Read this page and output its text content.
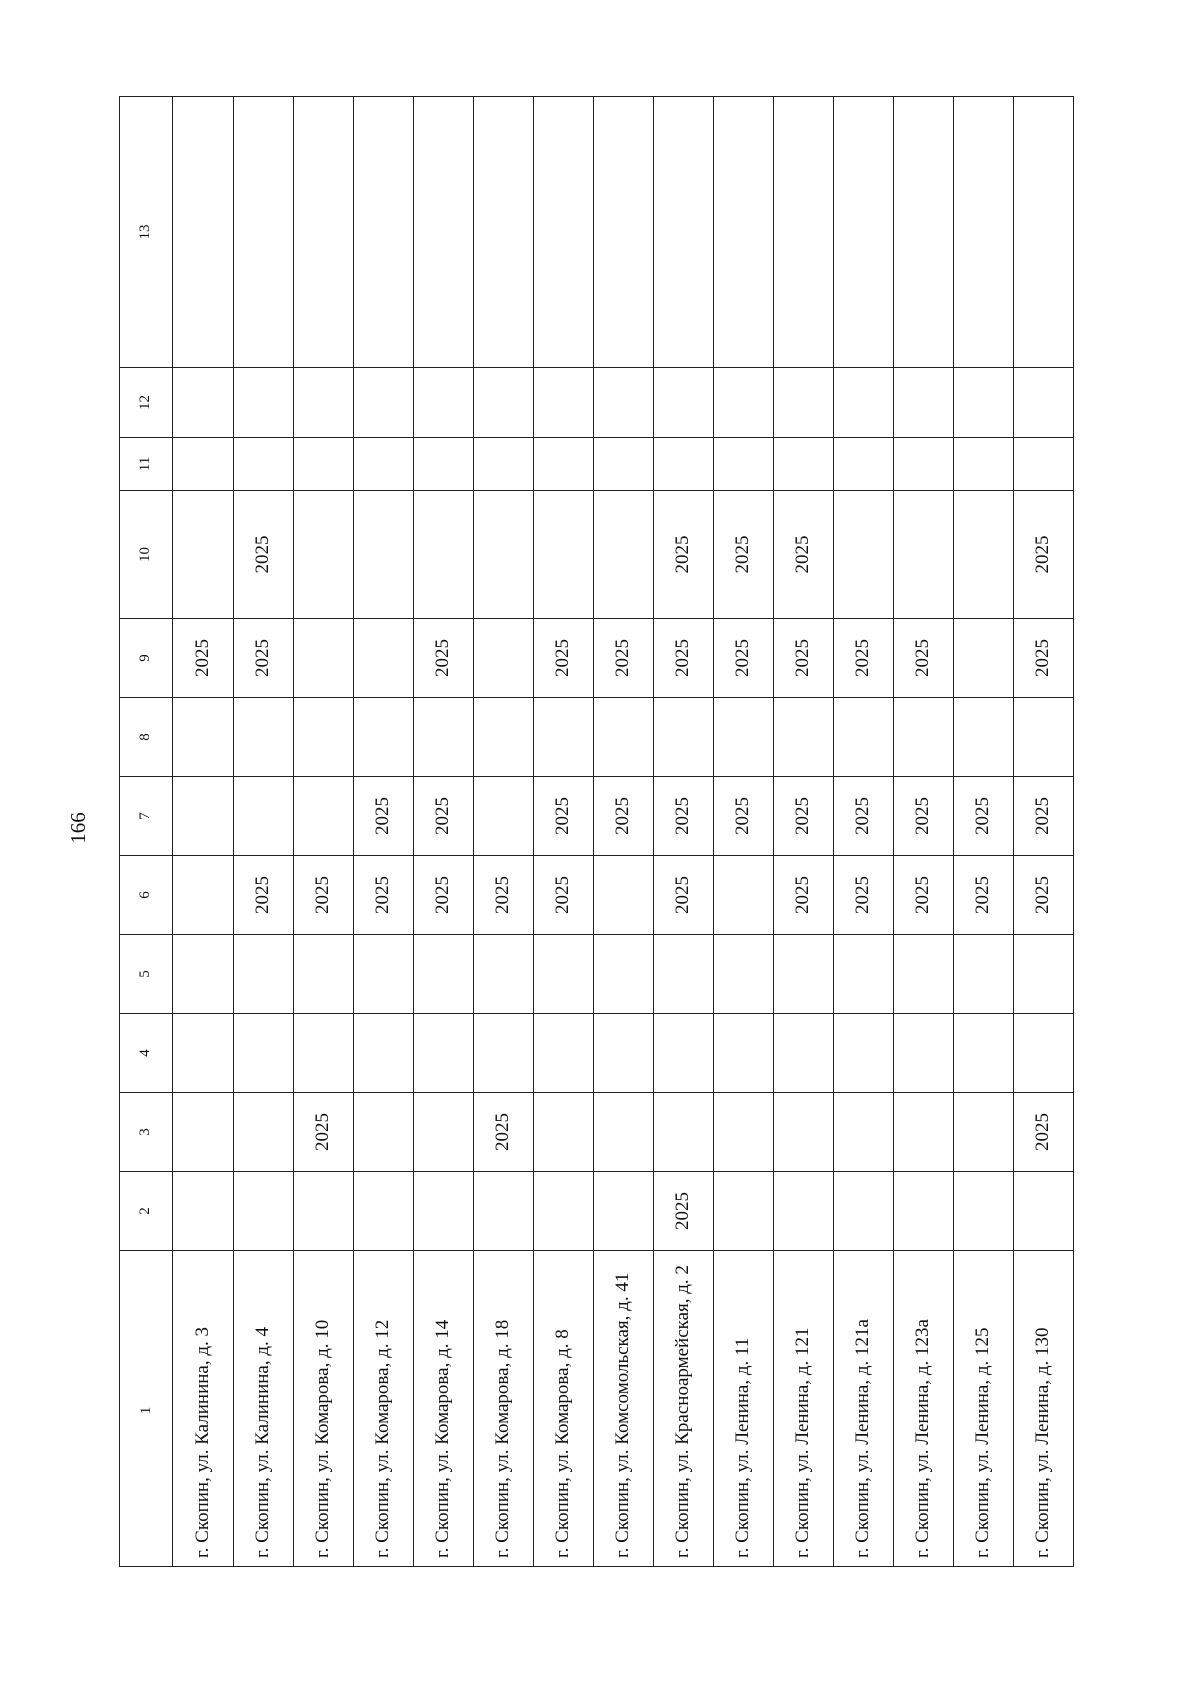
166
1	2	3	4	5	6	7	8	9	10	11	12	13
г. Скопин, ул. Калинина, д. 3								2025				
г. Скопин, ул. Калинина, д. 4					2025			2025	2025			
г. Скопин, ул. Комарова, д. 10		2025			2025							
г. Скопин, ул. Комарова, д. 12					2025	2025						
г. Скопин, ул. Комарова, д. 14					2025	2025		2025				
г. Скопин, ул. Комарова, д. 18		2025			2025							
г. Скопин, ул. Комарова, д. 8					2025	2025		2025				
г. Скопин, ул. Комсомольская, д. 41						2025		2025				
г. Скопин, ул. Красноармейская, д. 2	2025				2025	2025		2025	2025			
г. Скопин, ул. Ленина, д. 11						2025		2025	2025			
г. Скопин, ул. Ленина, д. 121					2025	2025		2025	2025			
г. Скопин, ул. Ленина, д. 121а					2025	2025		2025				
г. Скопин, ул. Ленина, д. 123а					2025	2025		2025				
г. Скопин, ул. Ленина, д. 125					2025	2025						
г. Скопин, ул. Ленина, д. 130		2025			2025	2025		2025	2025			
